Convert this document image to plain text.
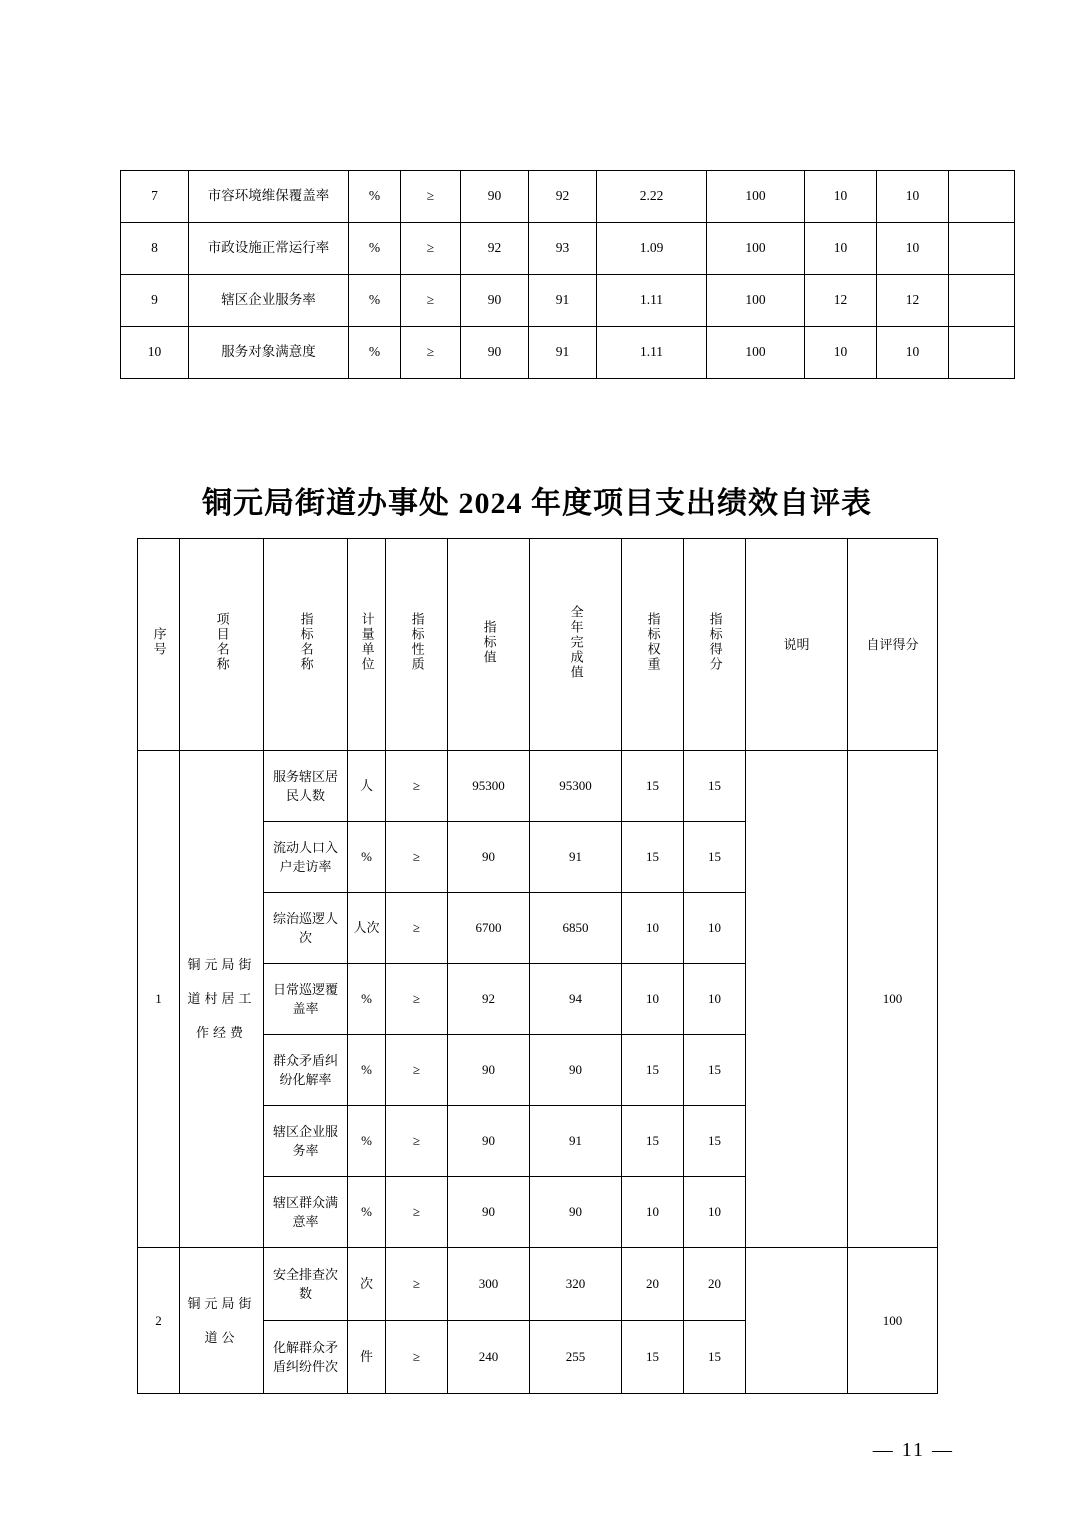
7	市容环境维保覆盖率	%	≥	90	92	2.22	100	10	10	
8	市政设施正常运行率	%	≥	92	93	1.09	100	10	10	
9	辖区企业服务率	%	≥	90	91	1.11	100	12	12	
10	服务对象满意度	%	≥	90	91	1.11	100	10	10	
铜元局街道办事处 2024 年度项目支出绩效自评表
序号	项目名称	指标名称	计量单位	指标性质	指标值	全年完成值	指标权重	指标得分	说明	自评得分
1	铜元局街道村居工作经费	服务辖区居民人数	人	≥	95300	95300	15	15		100
		流动人口入户走访率	%	≥	90	91	15	15		
		综治巡逻人次	人次	≥	6700	6850	10	10		
		日常巡逻覆盖率	%	≥	92	94	10	10		
		群众矛盾纠纷化解率	%	≥	90	90	15	15		
		辖区企业服务率	%	≥	90	91	15	15		
		辖区群众满意率	%	≥	90	90	10	10		
2	铜元局街道公	安全排查次数	次	≥	300	320	20	20		100
		化解群众矛盾纠纷件次	件	≥	240	255	15	15		
— 11 —
